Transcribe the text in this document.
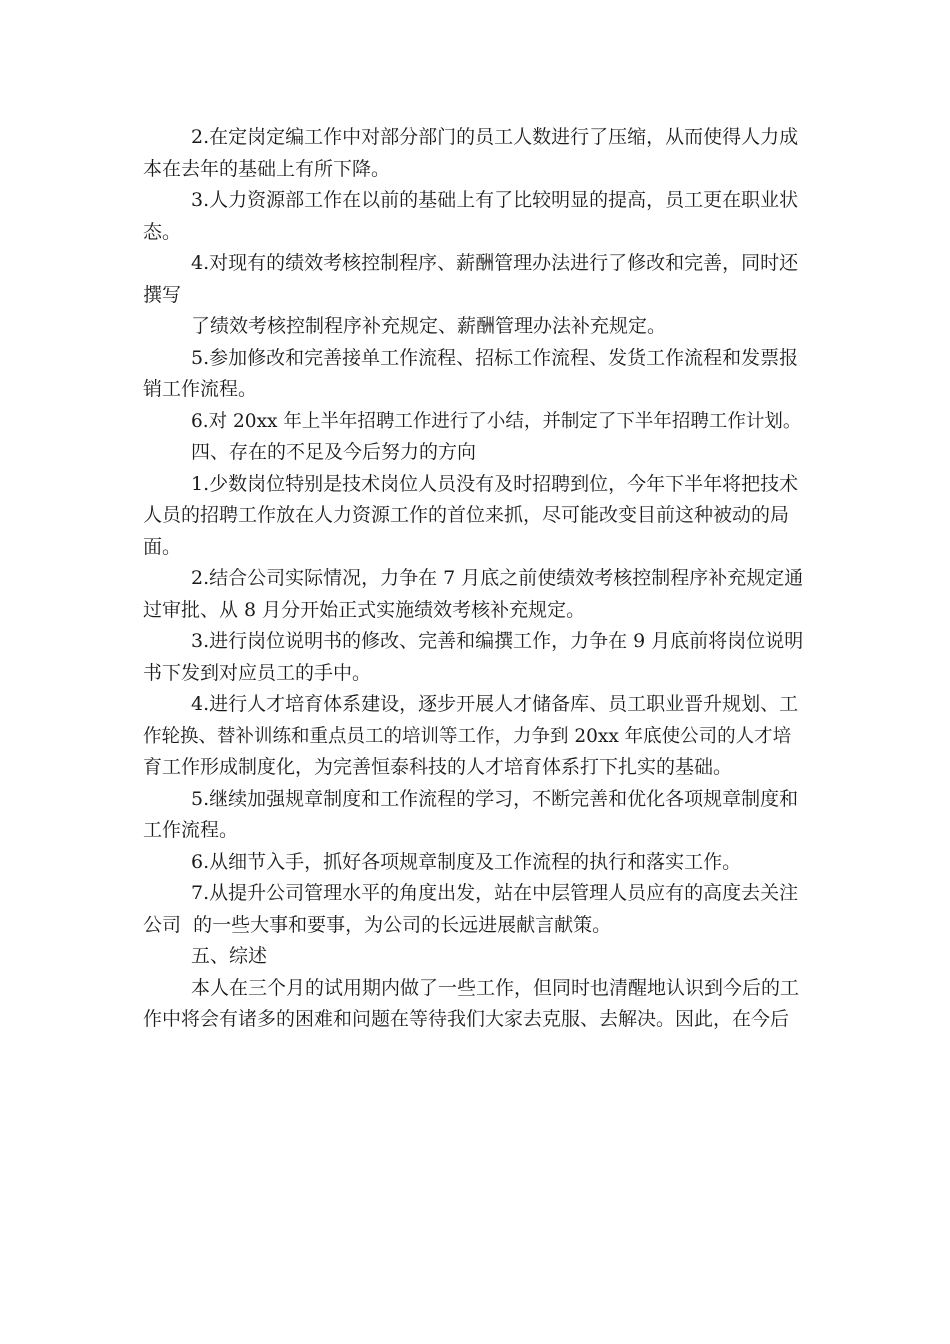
2.在定岗定编工作中对部分部门的员工人数进行了压缩，从而使得人力成

本在去年的基础上有所下降。

3.人力资源部工作在以前的基础上有了比较明显的提高，员工更在职业状

态。

4.对现有的绩效考核控制程序、薪酬管理办法进行了修改和完善，同时还

撰写

了绩效考核控制程序补充规定、薪酬管理办法补充规定。

5.参加修改和完善接单工作流程、招标工作流程、发货工作流程和发票报

销工作流程。

6.对 20xx 年上半年招聘工作进行了小结，并制定了下半年招聘工作计划。

四、存在的不足及今后努力的方向

1.少数岗位特别是技术岗位人员没有及时招聘到位，今年下半年将把技术

人员的招聘工作放在人力资源工作的首位来抓，尽可能改变目前这种被动的局

面。

2.结合公司实际情况，力争在 7 月底之前使绩效考核控制程序补充规定通

过审批、从 8 月分开始正式实施绩效考核补充规定。

3.进行岗位说明书的修改、完善和编撰工作，力争在 9 月底前将岗位说明

书下发到对应员工的手中。

4.进行人才培育体系建设，逐步开展人才储备库、员工职业晋升规划、工

作轮换、替补训练和重点员工的培训等工作，力争到 20xx 年底使公司的人才培

育工作形成制度化，为完善恒泰科技的人才培育体系打下扎实的基础。

5.继续加强规章制度和工作流程的学习，不断完善和优化各项规章制度和

工作流程。

6.从细节入手，抓好各项规章制度及工作流程的执行和落实工作。

7.从提升公司管理水平的角度出发，站在中层管理人员应有的高度去关注

公司  的一些大事和要事，为公司的长远进展献言献策。

五、综述

本人在三个月的试用期内做了一些工作，但同时也清醒地认识到今后的工

作中将会有诸多的困难和问题在等待我们大家去克服、去解决。因此，在今后
